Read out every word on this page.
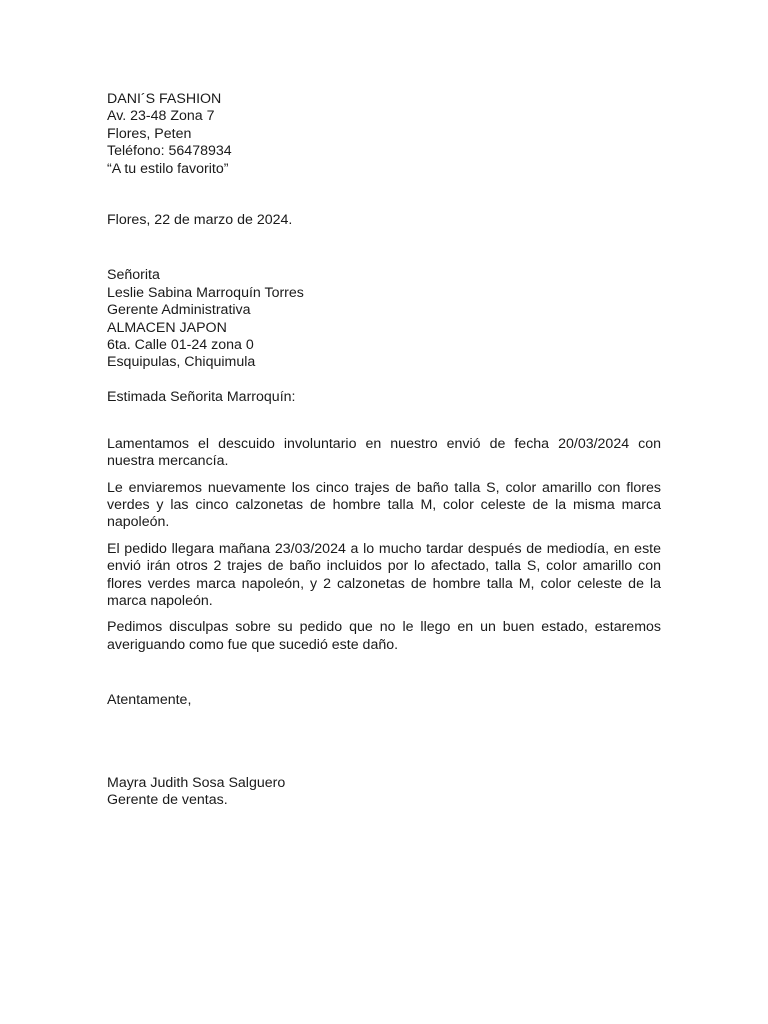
DANI´S FASHION
Av. 23-48 Zona 7
Flores, Peten
Teléfono: 56478934
“A tu estilo favorito”
Flores, 22 de marzo de 2024.
Señorita
Leslie Sabina Marroquín Torres
Gerente Administrativa
ALMACEN JAPON
6ta. Calle 01-24 zona 0
Esquipulas, Chiquimula
Estimada Señorita Marroquín:

Lamentamos el descuido involuntario en nuestro envió de fecha 20/03/2024 con nuestra mercancía.

Le enviaremos nuevamente los cinco trajes de baño talla S, color amarillo con flores verdes y las cinco calzonetas de hombre talla M, color celeste de la misma marca napoleón.

El pedido llegara mañana 23/03/2024 a lo mucho tardar después de mediodía, en este envió irán otros 2 trajes de baño incluidos por lo afectado, talla S, color amarillo con flores verdes marca napoleón, y 2 calzonetas de hombre talla M, color celeste de la marca napoleón.

Pedimos disculpas sobre su pedido que no le llego en un buen estado, estaremos averiguando como fue que sucedió este daño.

Atentamente,
Mayra Judith Sosa Salguero
Gerente de ventas.
